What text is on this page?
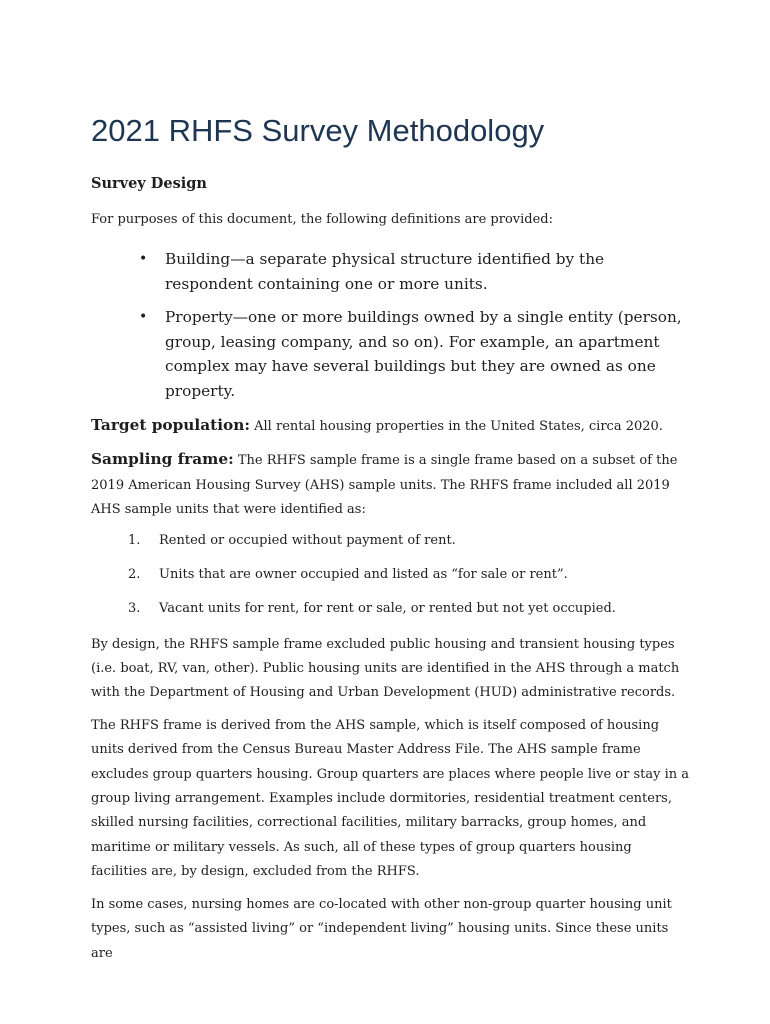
2021 RHFS Survey Methodology
Survey Design

For purposes of this document, the following definitions are provided:

• Building—a separate physical structure identified by the respondent containing one or more units.
• Property—one or more buildings owned by a single entity (person, group, leasing company, and so on). For example, an apartment complex may have several buildings but they are owned as one property.

Target population: All rental housing properties in the United States, circa 2020.

Sampling frame: The RHFS sample frame is a single frame based on a subset of the 2019 American Housing Survey (AHS) sample units. The RHFS frame included all 2019 AHS sample units that were identified as:

1. Rented or occupied without payment of rent.
2. Units that are owner occupied and listed as “for sale or rent”.
3. Vacant units for rent, for rent or sale, or rented but not yet occupied.

By design, the RHFS sample frame excluded public housing and transient housing types (i.e. boat, RV, van, other). Public housing units are identified in the AHS through a match with the Department of Housing and Urban Development (HUD) administrative records.

The RHFS frame is derived from the AHS sample, which is itself composed of housing units derived from the Census Bureau Master Address File. The AHS sample frame excludes group quarters housing. Group quarters are places where people live or stay in a group living arrangement. Examples include dormitories, residential treatment centers, skilled nursing facilities, correctional facilities, military barracks, group homes, and maritime or military vessels. As such, all of these types of group quarters housing facilities are, by design, excluded from the RHFS.

In some cases, nursing homes are co-located with other non-group quarter housing unit types, such as “assisted living” or “independent living” housing units. Since these units are
